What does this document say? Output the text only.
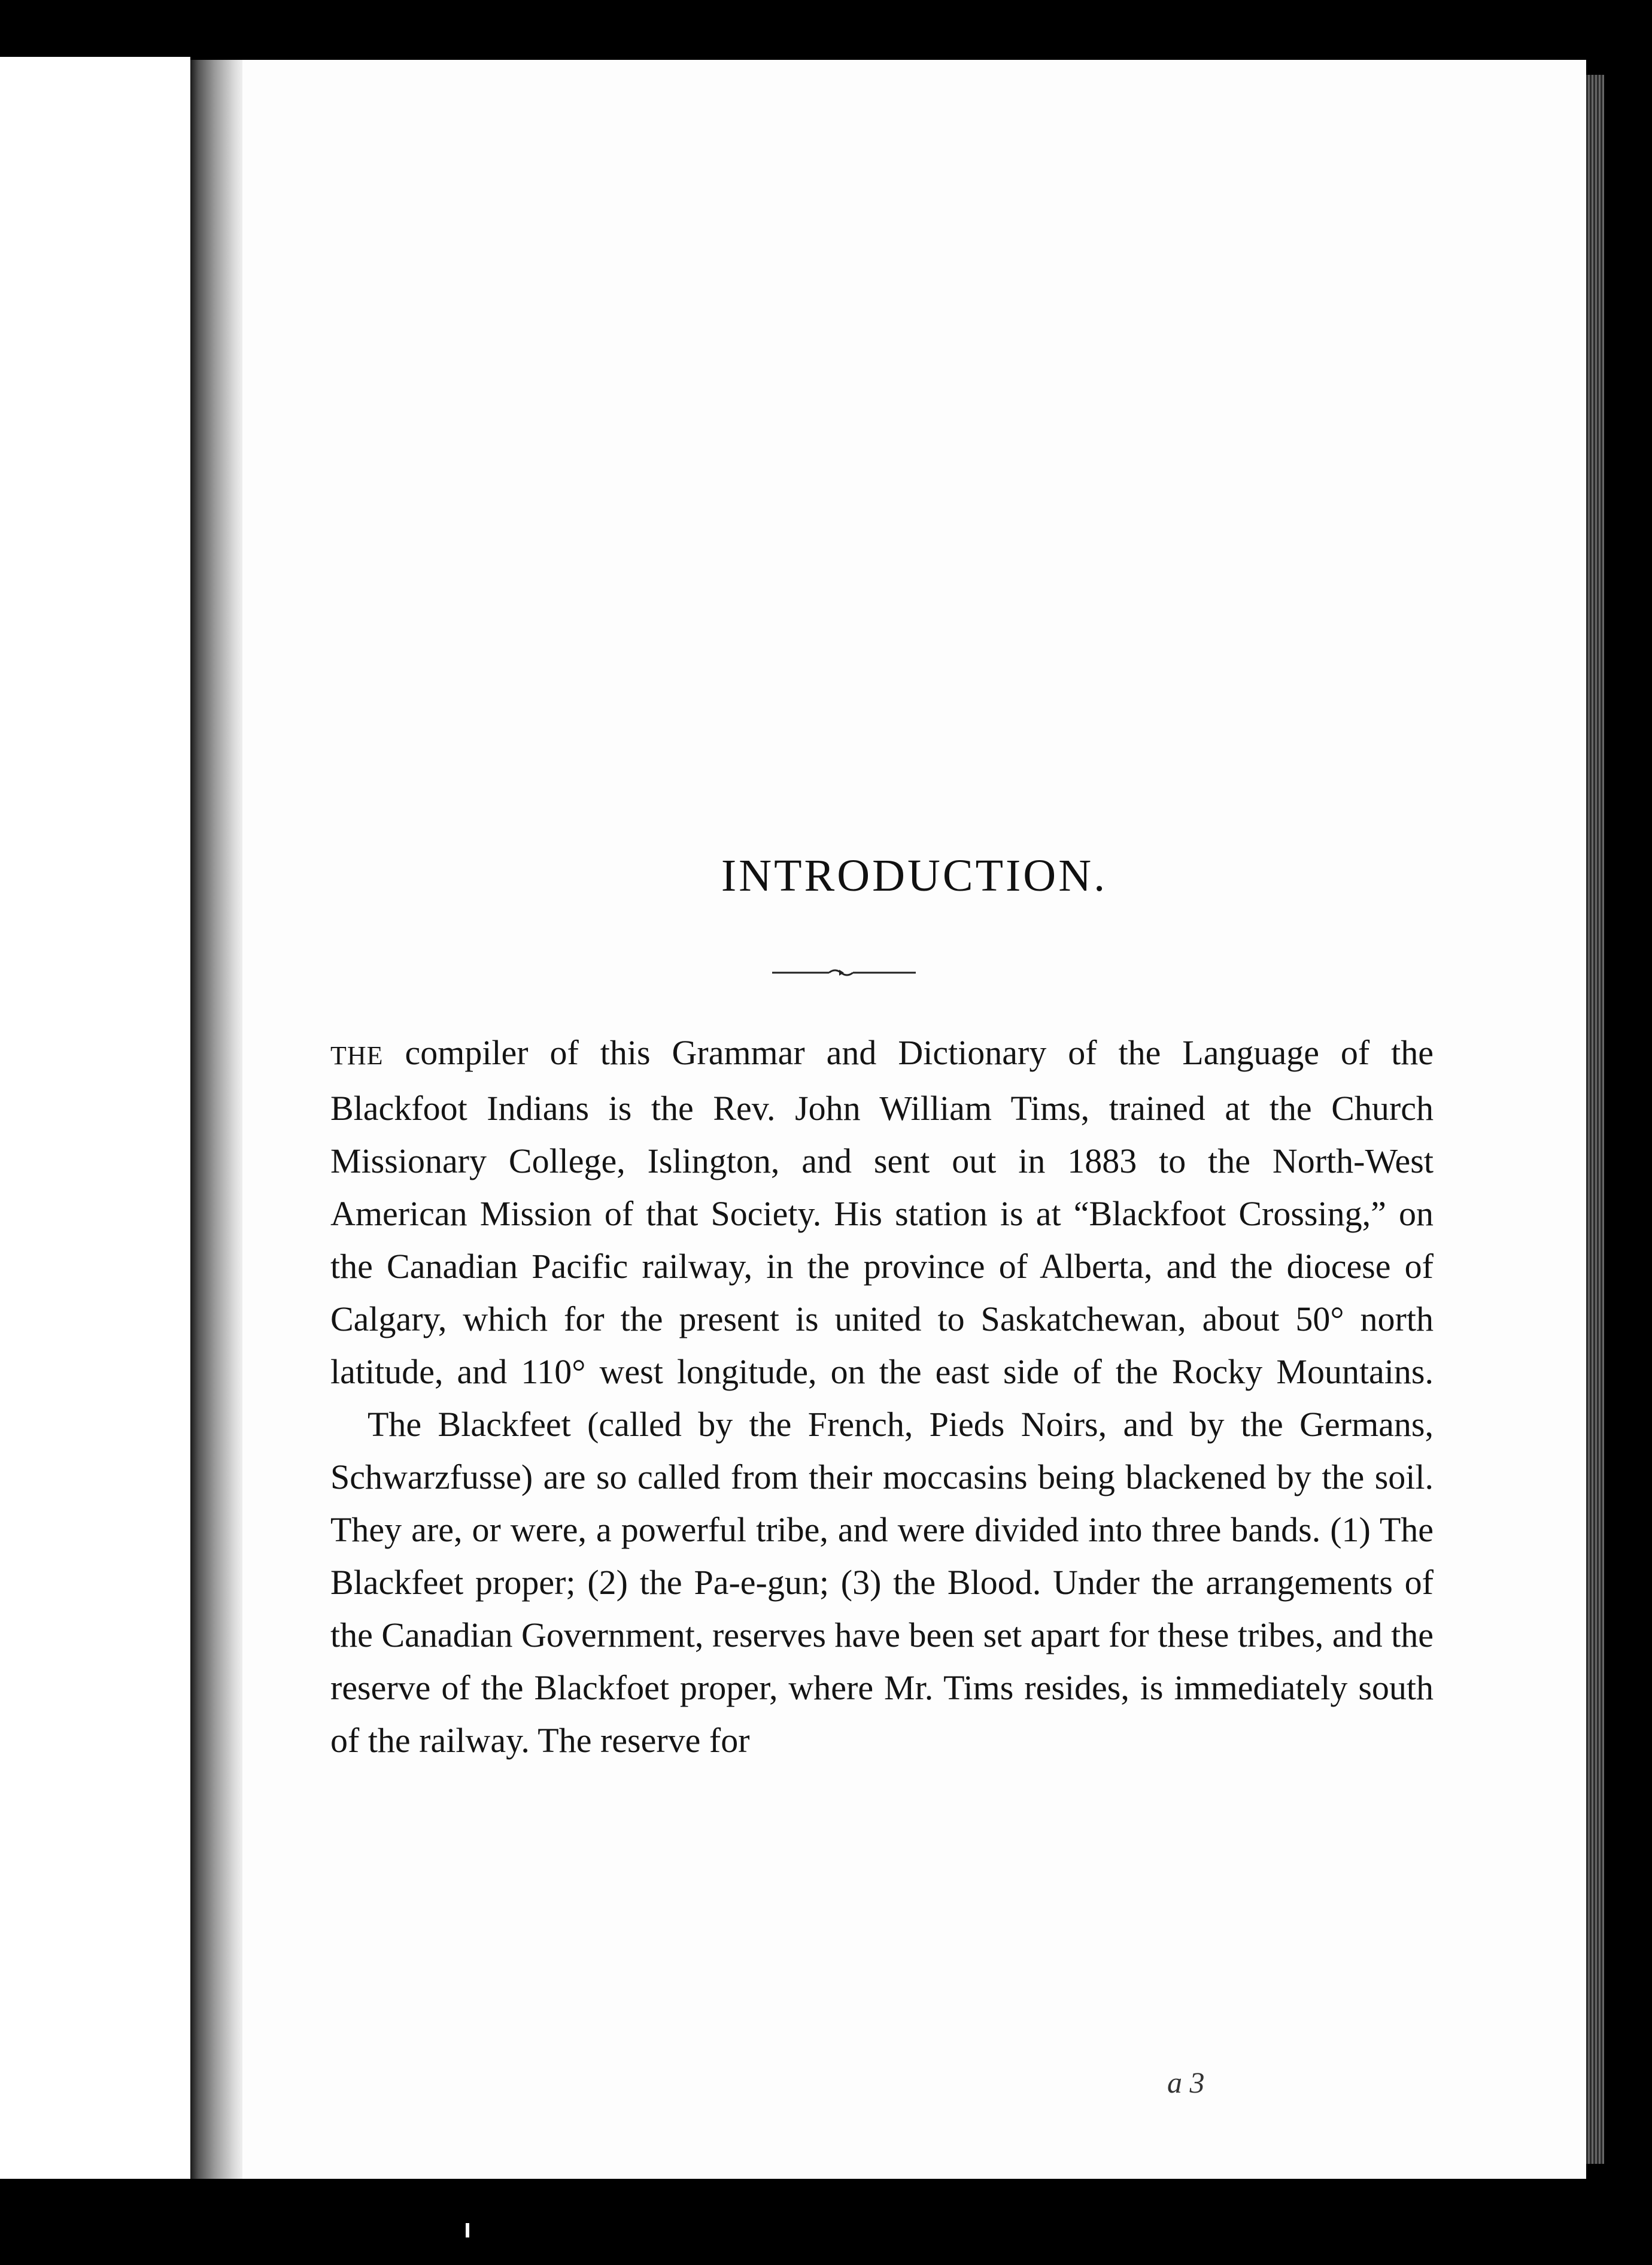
INTRODUCTION.

THE compiler of this Grammar and Dictionary of the Language of the Blackfoot Indians is the Rev. John William Tims, trained at the Church Missionary College, Islington, and sent out in 1883 to the North-West American Mission of that Society. His station is at “Blackfoot Crossing,” on the Canadian Pacific railway, in the province of Alberta, and the diocese of Calgary, which for the present is united to Saskatchewan, about 50° north latitude, and 110° west longitude, on the east side of the Rocky Mountains.

The Blackfeet (called by the French, Pieds Noirs, and by the Germans, Schwarzfusse) are so called from their moccasins being blackened by the soil. They are, or were, a powerful tribe, and were divided into three bands. (1) The Blackfeet proper; (2) the Pa-e-gun; (3) the Blood. Under the arrangements of the Canadian Government, reserves have been set apart for these tribes, and the reserve of the Blackfoet proper, where Mr. Tims resides, is immediately south of the railway. The reserve for

a 3
